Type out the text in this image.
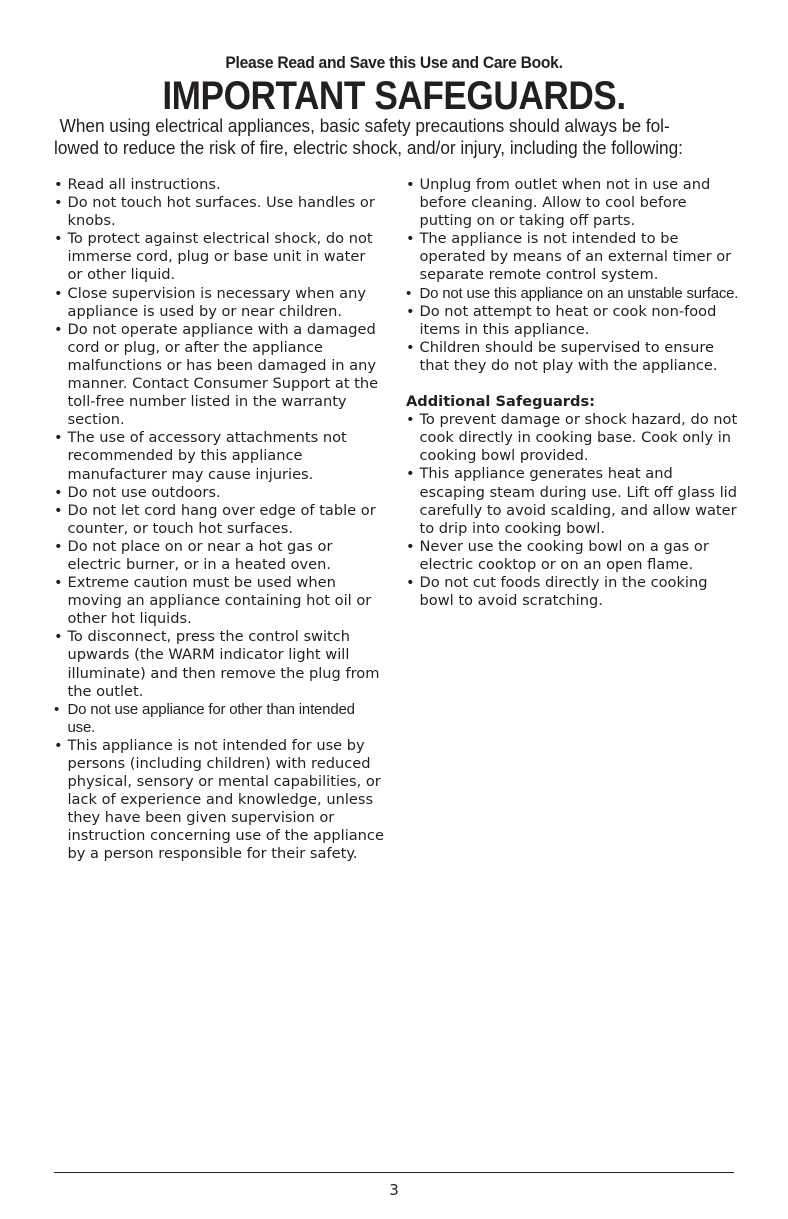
Please Read and Save this Use and Care Book.
IMPORTANT SAFEGUARDS.
When using electrical appliances, basic safety precautions should always be fol-
lowed to reduce the risk of fire, electric shock, and/or injury, including the following:
• Read all instructions.
• Do not touch hot surfaces. Use handles or knobs.
• To protect against electrical shock, do not immerse cord, plug or base unit in water or other liquid.
• Close supervision is necessary when any appliance is used by or near children.
• Do not operate appliance with a damaged cord or plug, or after the appliance malfunctions or has been damaged in any manner. Contact Consumer Support at the toll-free number listed in the warranty section.
• The use of accessory attachments not recommended by this appliance manufacturer may cause injuries.
• Do not use outdoors.
• Do not let cord hang over edge of table or counter, or touch hot surfaces.
• Do not place on or near a hot gas or electric burner, or in a heated oven.
• Extreme caution must be used when moving an appliance containing hot oil or other hot liquids.
• To disconnect, press the control switch upwards (the WARM indicator light will illuminate) and then remove the plug from the outlet.
• Do not use appliance for other than intended use.
• This appliance is not intended for use by persons (including children) with reduced physical, sensory or mental capabilities, or lack of experience and knowledge, unless they have been given supervision or instruction concerning use of the appliance by a person responsible for their safety.
• Unplug from outlet when not in use and before cleaning. Allow to cool before putting on or taking off parts.
• The appliance is not intended to be operated by means of an external timer or separate remote control system.
• Do not use this appliance on an unstable surface.
• Do not attempt to heat or cook non-food items in this appliance.
• Children should be supervised to ensure that they do not play with the appliance.
Additional Safeguards:
• To prevent damage or shock hazard, do not cook directly in cooking base. Cook only in cooking bowl provided.
• This appliance generates heat and escaping steam during use. Lift off glass lid carefully to avoid scalding, and allow water to drip into cooking bowl.
• Never use the cooking bowl on a gas or electric cooktop or on an open flame.
• Do not cut foods directly in the cooking bowl to avoid scratching.
3
